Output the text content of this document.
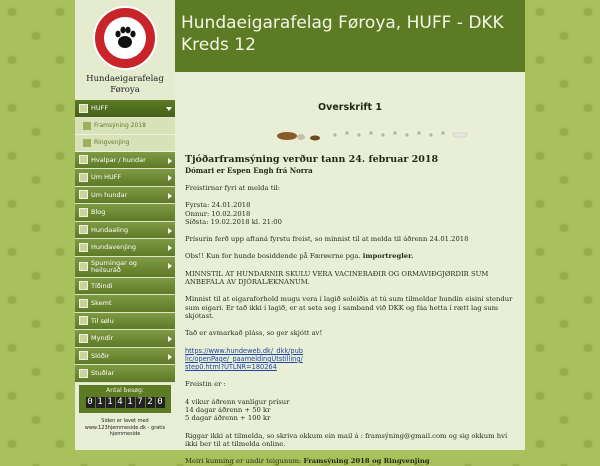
Hundaeigarafelag Føroya
Hundaeigarafelag Føroya, HUFF - DKK Kreds 12
HUFF
Framsýning 2018
Ringvenjing
Hvalpar / hundar
Um HUFF
Um hundar
Blog
Hundaaling
Hundavenjing
Spurningar og heilsuráð
Tíðindi
Skemt
Til sølu
Myndir
Slóðir
Stuðlar
Antal besøg:
0 1 1 4 1 7 2 0
Siden er lavet med www.123hjemmeside.dk - gratis hjemmeside
Overskrift 1
Tjóðarframsýning verður tann 24. februar 2018
Dómari er Espen Engh frá Norra
Freistirnar fyri at melda til:
Fyrsta: 24.01.2018
Onnur: 10.02.2018
Síðsta: 19.02.2018 kl. 21:00
Prísurin ferð upp aftaná fyrstu freist, so minnist til at melda til áðrenn 24.01.2018
Obs!! Kun for hunde bosiddende på Færøerne pga. importregler.
MINNSTIL AT HUNDARNIR SKULU VERA VACINERAÐIR OG ORMAVIÐGJØRDIR SUM ANBEFALA AV DJÓRALÆKNANUM.
Minnist til at eigaraforhold mugu vera í lagið soleiðis at tú sum tilmeldar hundin eisini stendur sum eigari. Er tað ikki í lagið, er at seta seg í samband við DKK og fáa hetta í rætt lag sum skjótast.
Tað er avmarkað pláss, so ger skjótt av!
https://www.hundeweb.dk/_dkk/public/openPage/_paameldingUtstilling/step0.html?UTLNR=180264
Freistin er :
4 vikur áðrenn vanlígur prísur
14 dagar áðrenn + 50 kr
5 dagar áðrenn + 100 kr
Riggar ikki at tilmelda, so skriva okkum ein mail á : framsýning@gmail.com og sig okkum hví ikki ber til at tilmelda online.
Meiri kunning er undir teigunum: Framsýning 2018 og Ringvenjing
